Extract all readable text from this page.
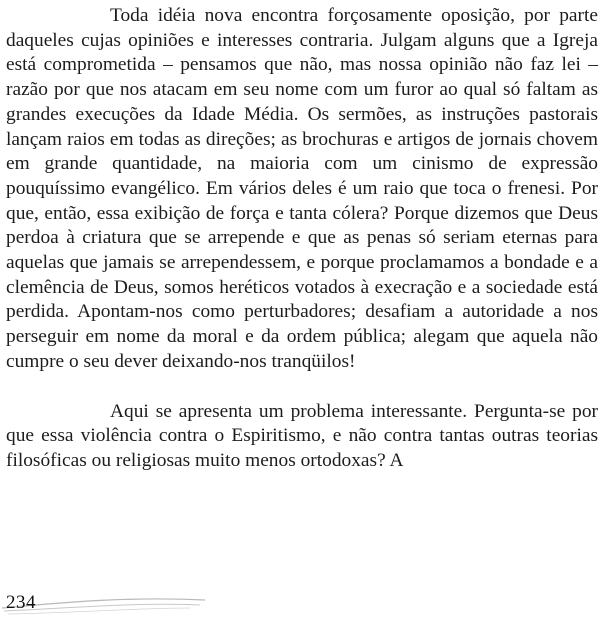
Toda idéia nova encontra forçosamente oposição, por parte daqueles cujas opiniões e interesses contraria. Julgam alguns que a Igreja está comprometida – pensamos que não, mas nossa opinião não faz lei – razão por que nos atacam em seu nome com um furor ao qual só faltam as grandes execuções da Idade Média. Os sermões, as instruções pastorais lançam raios em todas as direções; as brochuras e artigos de jornais chovem em grande quantidade, na maioria com um cinismo de expressão pouquíssimo evangélico. Em vários deles é um raio que toca o frenesi. Por que, então, essa exibição de força e tanta cólera? Porque dizemos que Deus perdoa à criatura que se arrepende e que as penas só seriam eternas para aquelas que jamais se arrependessem, e porque proclamamos a bondade e a clemência de Deus, somos heréticos votados à execração e a sociedade está perdida. Apontam-nos como perturbadores; desafiam a autoridade a nos perseguir em nome da moral e da ordem pública; alegam que aquela não cumpre o seu dever deixando-nos tranqüilos!

Aqui se apresenta um problema interessante. Pergunta-se por que essa violência contra o Espiritismo, e não contra tantas outras teorias filosóficas ou religiosas muito menos ortodoxas? A

234
